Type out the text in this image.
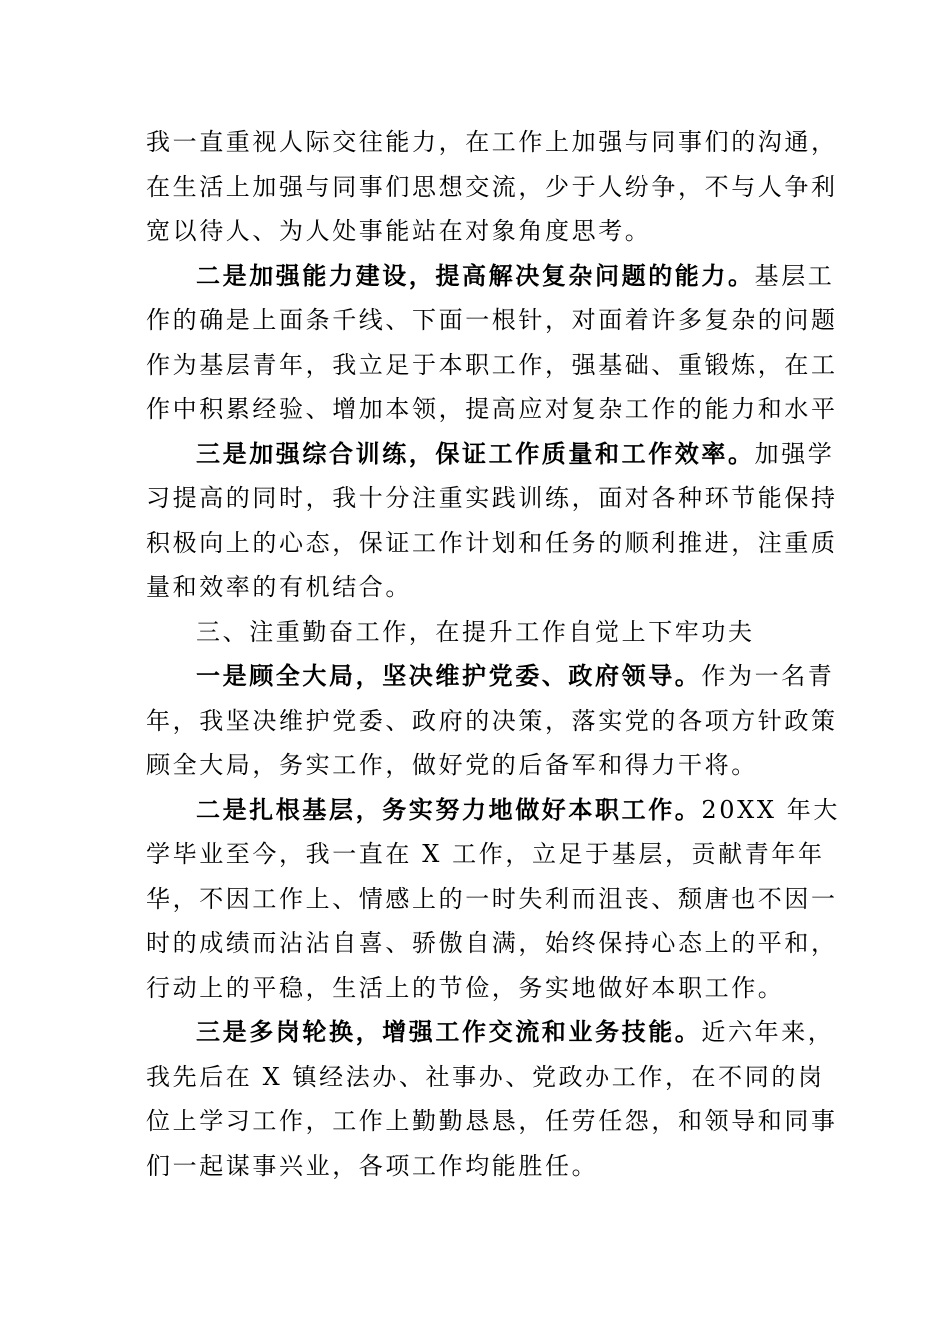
我一直重视人际交往能力，在工作上加强与同事们的沟通，
在生活上加强与同事们思想交流，少于人纷争，不与人争利
宽以待人、为人处事能站在对象角度思考。
二是加强能力建设，提高解决复杂问题的能力。基层工
作的确是上面条千线、下面一根针，对面着许多复杂的问题
作为基层青年，我立足于本职工作，强基础、重锻炼，在工
作中积累经验、增加本领，提高应对复杂工作的能力和水平
三是加强综合训练，保证工作质量和工作效率。加强学
习提高的同时，我十分注重实践训练，面对各种环节能保持
积极向上的心态，保证工作计划和任务的顺利推进，注重质
量和效率的有机结合。
三、注重勤奋工作，在提升工作自觉上下牢功夫
一是顾全大局，坚决维护党委、政府领导。作为一名青
年，我坚决维护党委、政府的决策，落实党的各项方针政策
顾全大局，务实工作，做好党的后备军和得力干将。
二是扎根基层，务实努力地做好本职工作。20XX 年大
学毕业至今，我一直在 X 工作，立足于基层，贡献青年年
华，不因工作上、情感上的一时失利而沮丧、颓唐也不因一
时的成绩而沾沾自喜、骄傲自满，始终保持心态上的平和，
行动上的平稳，生活上的节俭，务实地做好本职工作。
三是多岗轮换，增强工作交流和业务技能。近六年来，
我先后在 X 镇经法办、社事办、党政办工作，在不同的岗
位上学习工作，工作上勤勤恳恳，任劳任怨，和领导和同事
们一起谋事兴业，各项工作均能胜任。
